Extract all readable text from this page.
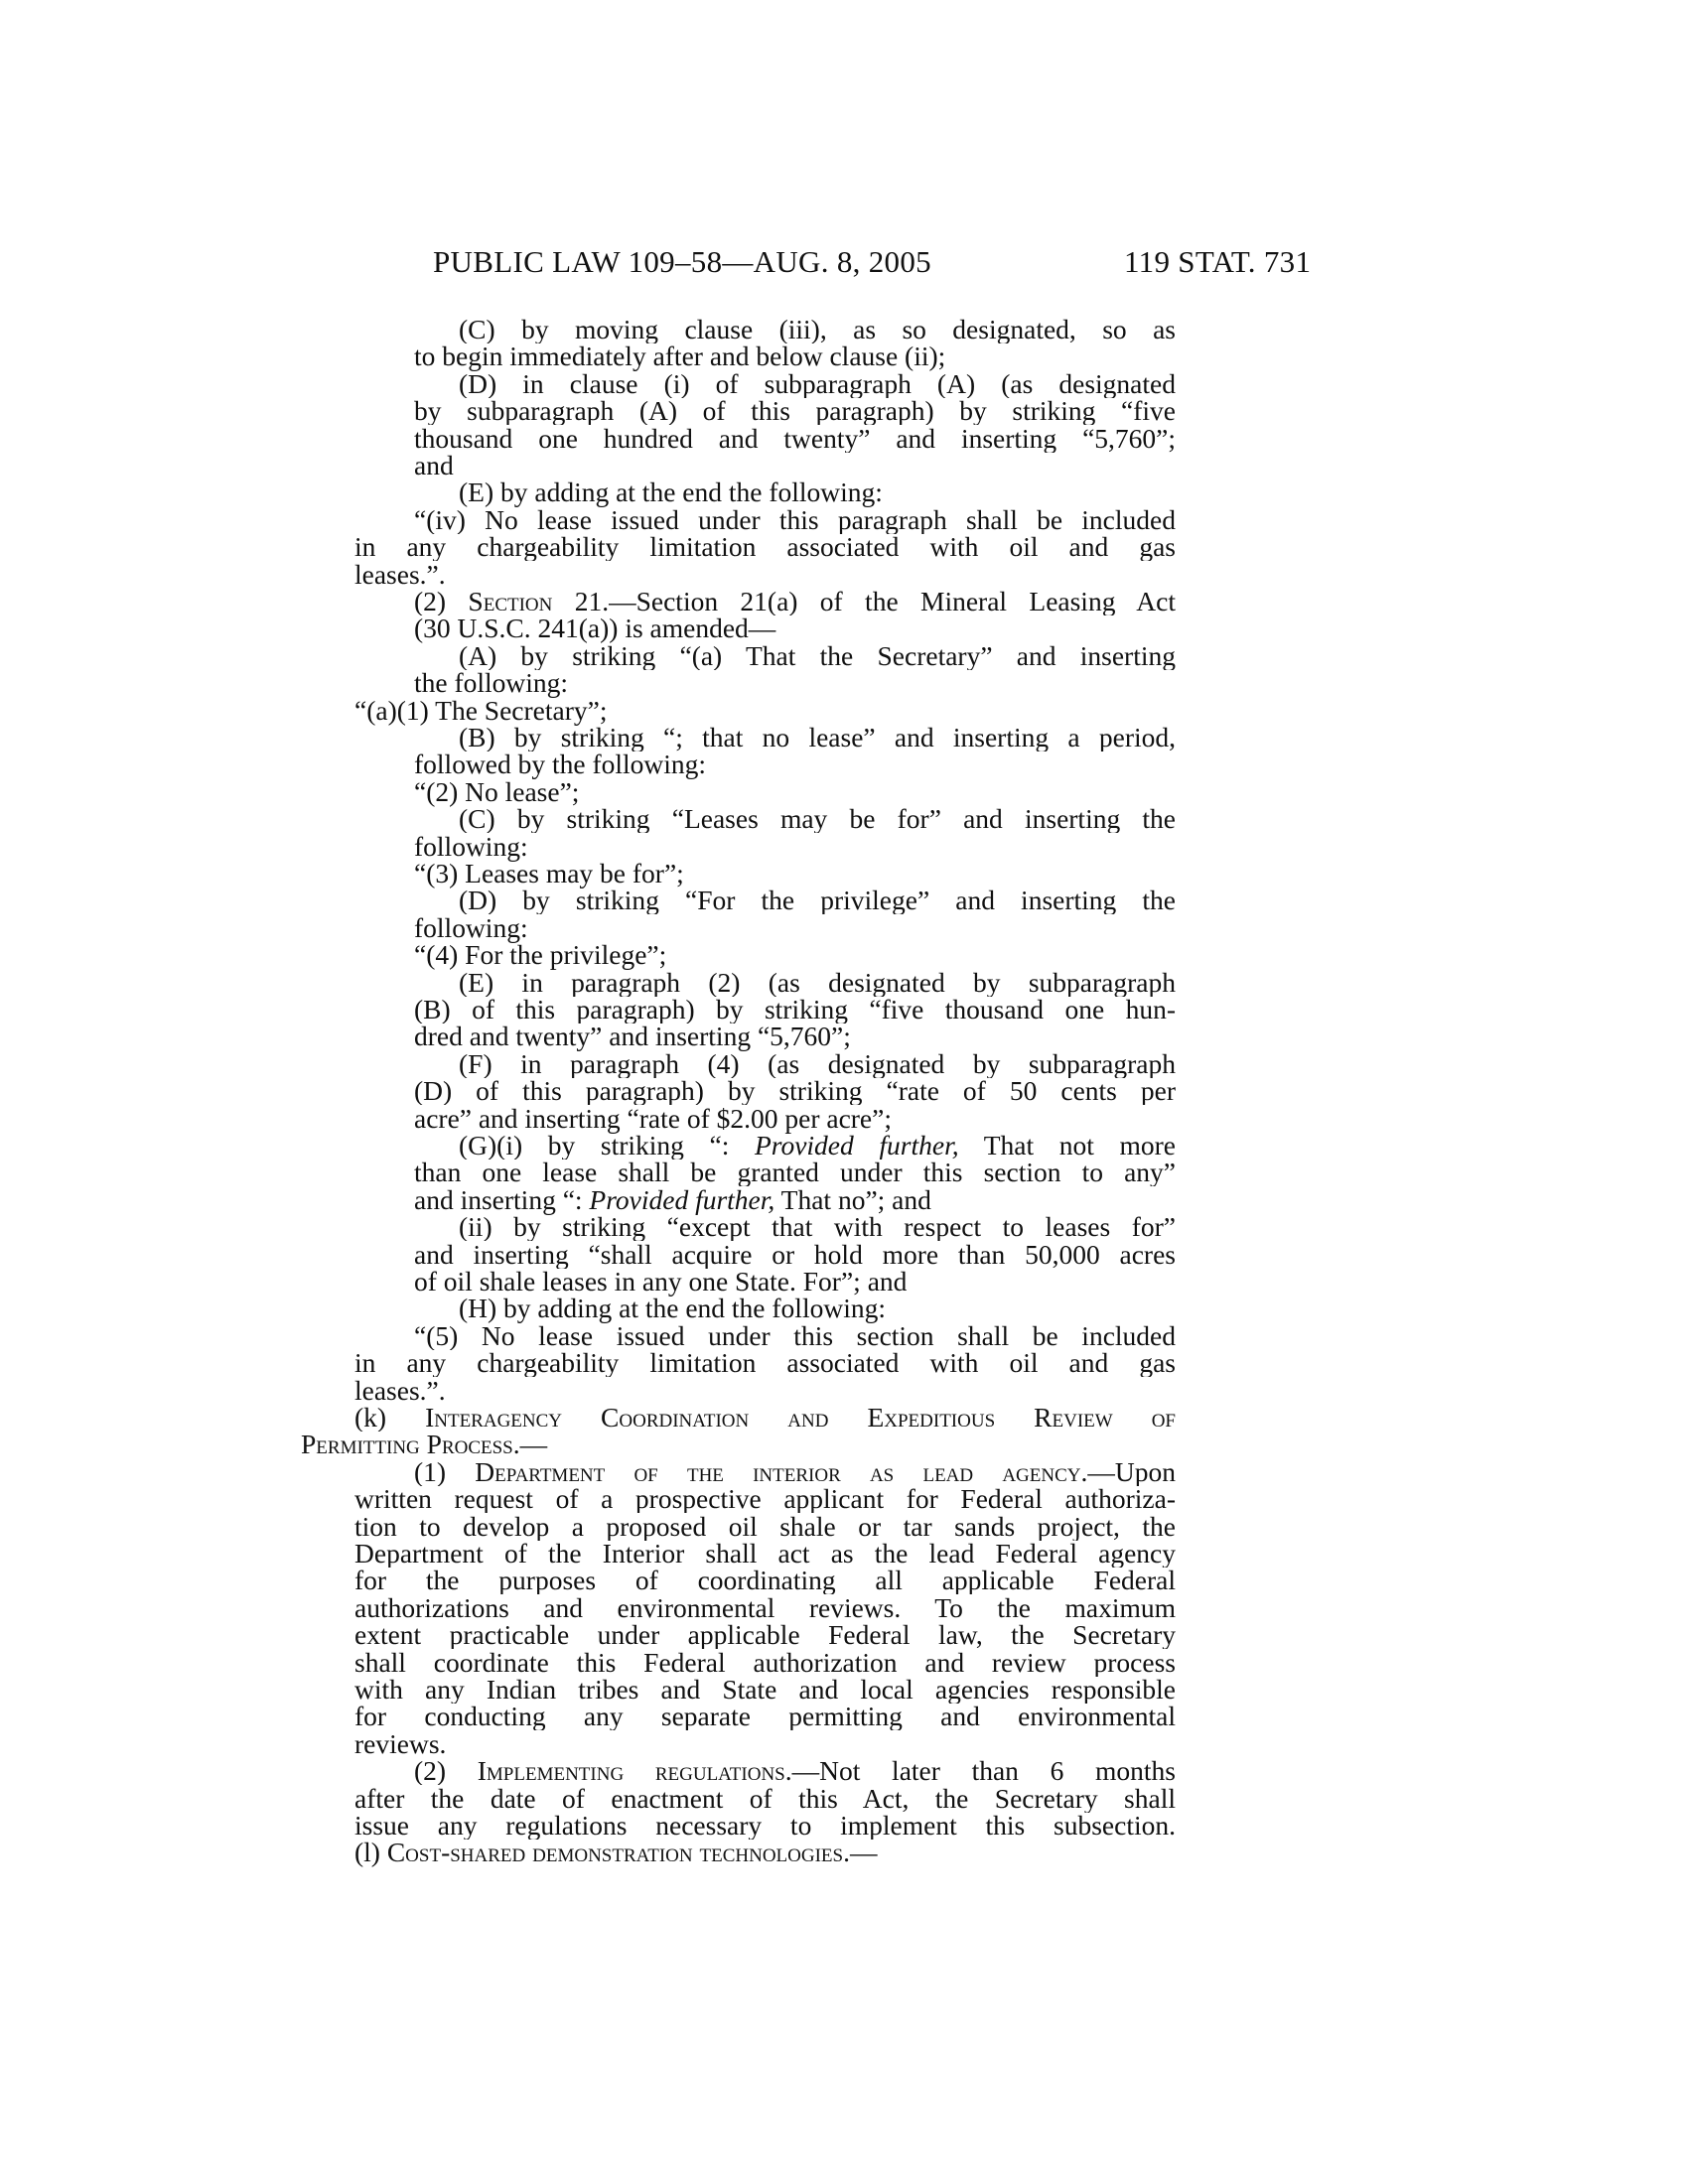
PUBLIC LAW 109–58—AUG. 8, 2005	119 STAT. 731
(C) by moving clause (iii), as so designated, so as
to begin immediately after and below clause (ii);
(D) in clause (i) of subparagraph (A) (as designated
by subparagraph (A) of this paragraph) by striking “five
thousand one hundred and twenty” and inserting “5,760”;
and
(E) by adding at the end the following:
“(iv) No lease issued under this paragraph shall be included
in any chargeability limitation associated with oil and gas
leases.”.
(2) Section 21.—Section 21(a) of the Mineral Leasing Act
(30 U.S.C. 241(a)) is amended—
(A) by striking “(a) That the Secretary” and inserting
the following:
“(a)(1) The Secretary”;
(B) by striking “; that no lease” and inserting a period,
followed by the following:
“(2) No lease”;
(C) by striking “Leases may be for” and inserting the
following:
“(3) Leases may be for”;
(D) by striking “For the privilege” and inserting the
following:
“(4) For the privilege”;
(E) in paragraph (2) (as designated by subparagraph
(B) of this paragraph) by striking “five thousand one hun-
dred and twenty” and inserting “5,760”;
(F) in paragraph (4) (as designated by subparagraph
(D) of this paragraph) by striking “rate of 50 cents per
acre” and inserting “rate of $2.00 per acre”;
(G)(i) by striking “: Provided further, That not more
than one lease shall be granted under this section to any”
and inserting “: Provided further, That no”; and
(ii) by striking “except that with respect to leases for”
and inserting “shall acquire or hold more than 50,000 acres
of oil shale leases in any one State. For”; and
(H) by adding at the end the following:
“(5) No lease issued under this section shall be included
in any chargeability limitation associated with oil and gas
leases.”.
(k) Interagency Coordination and Expeditious Review of
Permitting Process.—
(1) Department of the interior as lead agency.—Upon
written request of a prospective applicant for Federal authoriza-
tion to develop a proposed oil shale or tar sands project, the
Department of the Interior shall act as the lead Federal agency
for the purposes of coordinating all applicable Federal
authorizations and environmental reviews. To the maximum
extent practicable under applicable Federal law, the Secretary
shall coordinate this Federal authorization and review process
with any Indian tribes and State and local agencies responsible
for conducting any separate permitting and environmental
reviews.
(2) Implementing regulations.—Not later than 6 months
after the date of enactment of this Act, the Secretary shall
issue any regulations necessary to implement this subsection.
(l) Cost-shared demonstration technologies.—
